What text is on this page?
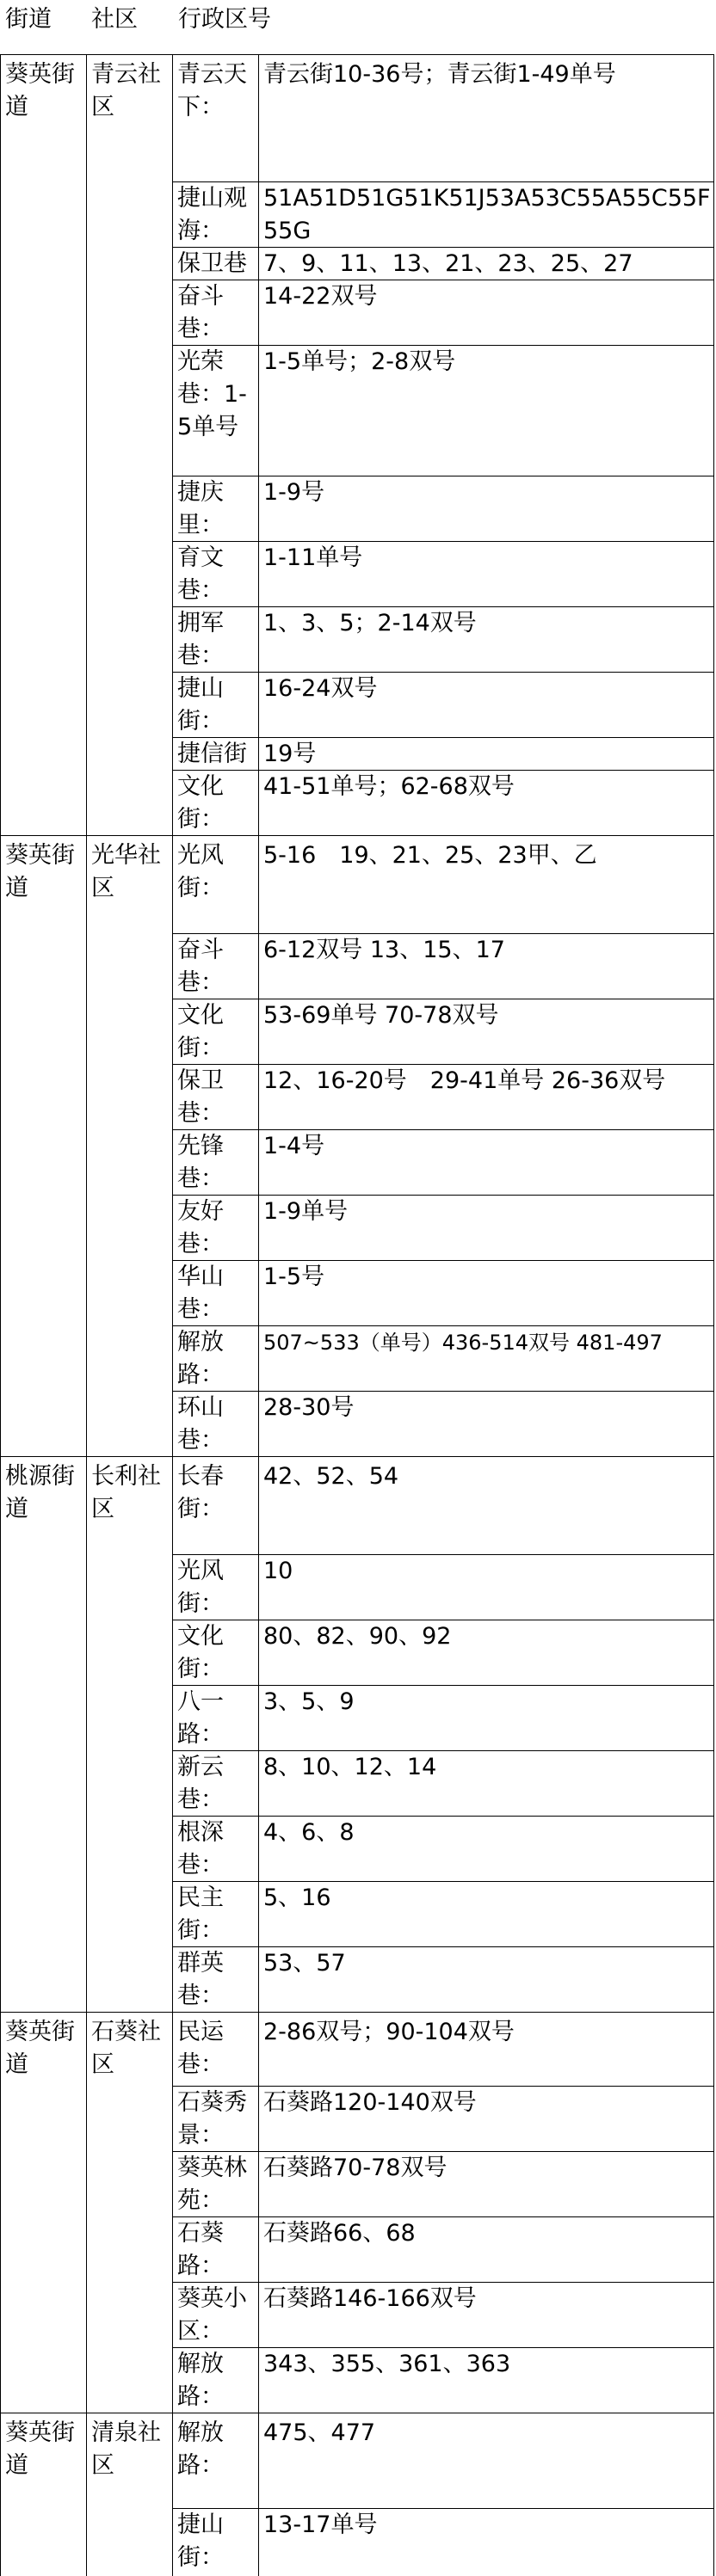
街道 社区 行政区号
葵英街道
青云社区
青云天下：
青云街10-36号；青云街1-49单号
捷山观海：
51A51D51G51K51J53A53C55A55C55F55G
保卫巷 7、9、11、13、21、23、25、27
奋斗巷：
14-22双号
光荣巷：1-5单号
1-5单号；2-8双号
捷庆里：
1-9号
育文巷：
1-11单号
拥军巷：
1、3、5；2-14双号
捷山街：
16-24双号
捷信街 19号
文化街：
41-51单号；62-68双号
葵英街道
光华社区
光风街：
5-16　19、21、25、23甲、乙
奋斗巷：
6-12双号 13、15、17
文化街：
53-69单号 70-78双号
保卫巷：
12、16-20号　29-41单号 26-36双号
先锋巷：
1-4号
友好巷：
1-9单号
华山巷：
1-5号
解放路：
507~533（单号）436-514双号 481-497
环山巷：
28-30号
桃源街道
长利社区
长春街：
42、52、54
光风街：
10
文化街：
80、82、90、92
八一路：
3、5、9
新云巷：
8、10、12、14
根深巷：
4、6、8
民主街：
5、16
群英巷：
53、57
葵英街道
石葵社区
民运巷：
2-86双号；90-104双号
石葵秀景：
石葵路120-140双号
葵英林苑：
石葵路70-78双号
石葵路：
石葵路66、68
葵英小区：
石葵路146-166双号
解放路：
343、355、361、363
葵英街道
清泉社区
解放路：
475、477
捷山街：
13-17单号
